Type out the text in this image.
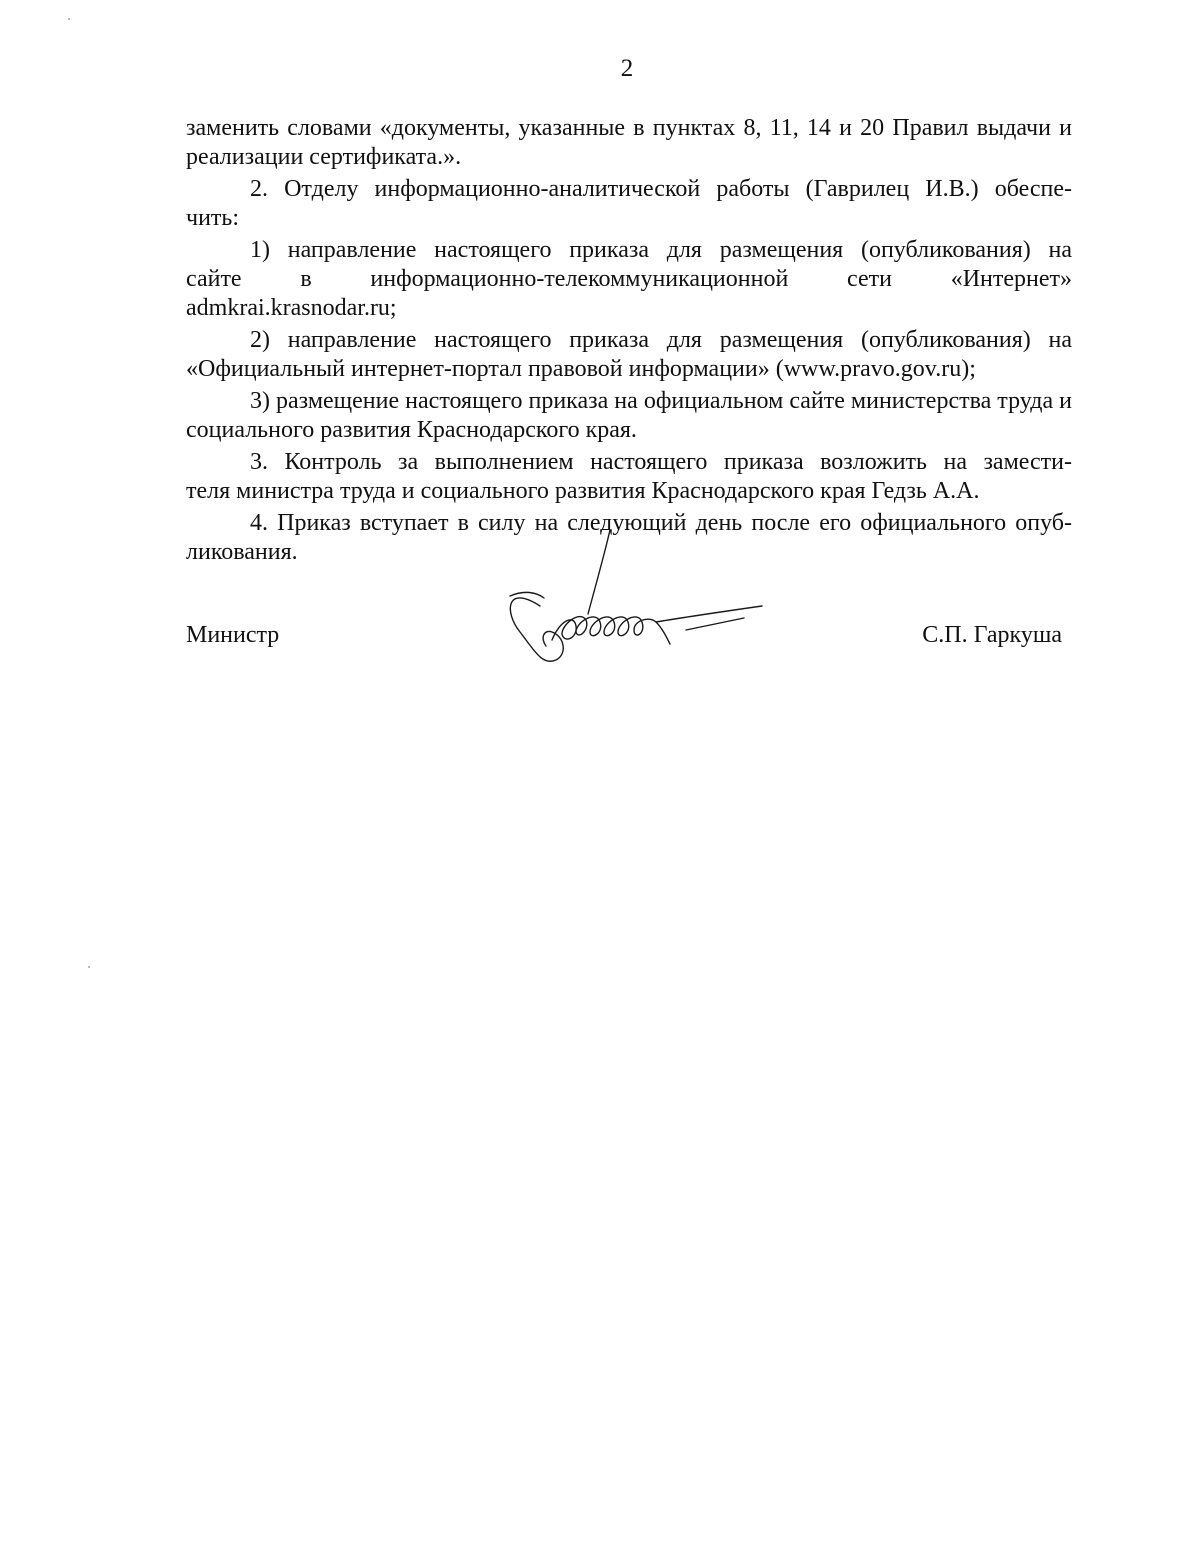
2

заменить словами «документы, указанные в пунктах 8, 11, 14 и 20 Правил выдачи и реализации сертификата.».

2. Отделу информационно-аналитической работы (Гаврилец И.В.) обеспе-
чить:

1) направление настоящего приказа для размещения (опубликования) на
сайте в информационно-телекоммуникационной сети «Интернет»
admkrai.krasnodar.ru;

2) направление настоящего приказа для размещения (опубликования) на «Официальный интернет-портал правовой информации» (www.pravo.gov.ru);

3) размещение настоящего приказа на официальном сайте министерства труда и социального развития Краснодарского края.

3. Контроль за выполнением настоящего приказа возложить на замести-
теля министра труда и социального развития Краснодарского края Гедзь А.А.

4. Приказ вступает в силу на следующий день после его официального опуб-
ликования.

Министр	С.П. Гаркуша
